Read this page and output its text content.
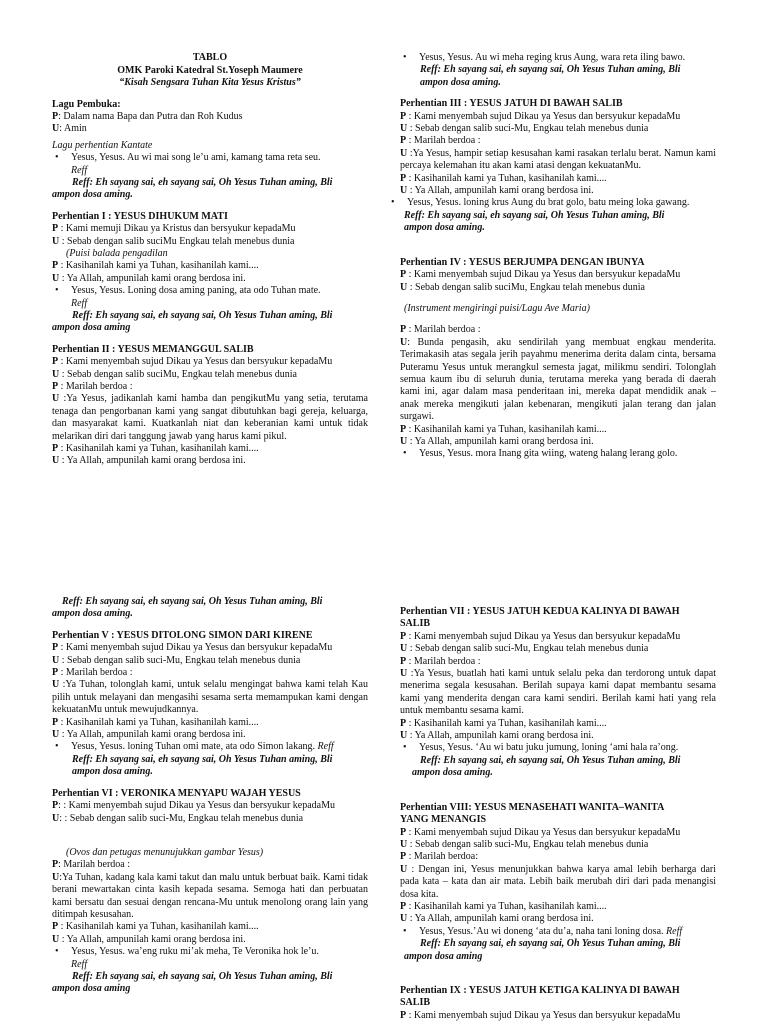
TABLO
OMK Paroki Katedral St.Yoseph Maumere
“Kisah Sengsara Tuhan Kita Yesus Kristus”
Lagu Pembuka:
P: Dalam nama Bapa dan Putra dan Roh Kudus
U: Amin
Lagu perhentian Kantate
• Yesus, Yesus. Au wi mai song le’u ami, kamang tama reta seu.
Reff
Reff: Eh sayang sai, eh sayang sai, Oh Yesus Tuhan aming, Bli
ampon dosa aming.
Perhentian I : YESUS DIHUKUM MATI
P : Kami memuji Dikau ya Kristus dan bersyukur kepadaMu
U : Sebab dengan salib suciMu Engkau telah menebus dunia
(Puisi balada pengadilan
P : Kasihanilah kami ya Tuhan, kasihanilah kami....
U : Ya Allah, ampunilah kami orang berdosa ini.
• Yesus, Yesus. Loning dosa aming paning, ata odo Tuhan mate.
Reff
Reff: Eh sayang sai, eh sayang sai, Oh Yesus Tuhan aming, Bli
ampon dosa aming
Perhentian II : YESUS MEMANGGUL SALIB
P : Kami menyembah sujud Dikau ya Yesus dan bersyukur kepadaMu
U : Sebab dengan salib suciMu, Engkau telah menebus dunia
P : Marilah berdoa :
U :Ya Yesus, jadikanlah kami hamba dan pengikutMu yang setia, terutama tenaga dan pengorbanan kami yang sangat dibutuhkan bagi gereja, keluarga, dan masyarakat kami. Kuatkanlah niat dan keberanian kami untuk tidak melarikan diri dari tanggung jawab yang harus kami pikul.
P : Kasihanilah kami ya Tuhan, kasihanilah kami....
U : Ya Allah, ampunilah kami orang berdosa ini.
• Yesus, Yesus. Au wi meha reging krus Aung, wara reta iling bawo.
Reff: Eh sayang sai, eh sayang sai, Oh Yesus Tuhan aming, Bli
ampon dosa aming.
Perhentian III : YESUS JATUH DI BAWAH SALIB
P : Kami menyembah sujud Dikau ya Yesus dan bersyukur kepadaMu
U : Sebab dengan salib suci-Mu, Engkau telah menebus dunia
P : Marilah berdoa :
U :Ya Yesus, hampir setiap kesusahan kami rasakan terlalu berat. Namun kami percaya kelemahan itu akan kami atasi dengan kekuatanMu.
P : Kasihanilah kami ya Tuhan, kasihanilah kami....
U : Ya Allah, ampunilah kami orang berdosa ini.
• Yesus, Yesus. loning krus Aung du brat golo, batu meing loka gawang.
Reff: Eh sayang sai, eh sayang sai, Oh Yesus Tuhan aming, Bli
ampon dosa aming.
Perhentian IV : YESUS BERJUMPA DENGAN IBUNYA
P : Kami menyembah sujud Dikau ya Yesus dan bersyukur kepadaMu
U : Sebab dengan salib suciMu, Engkau telah menebus dunia
(Instrument mengiringi puisi/Lagu Ave Maria)
P : Marilah berdoa :
U: Bunda pengasih, aku sendirilah yang membuat engkau menderita. Terimakasih atas segala jerih payahmu menerima derita dalam cinta, bersama Puteramu Yesus untuk merangkul semesta jagat, milikmu sendiri. Tolonglah semua kaum ibu di seluruh dunia, terutama mereka yang berada di daerah kami ini, agar dalam masa penderitaan ini, mereka dapat mendidik anak – anak mereka mengikuti jalan kebenaran, mengikuti jalan terang dan jalan surgawi.
P : Kasihanilah kami ya Tuhan, kasihanilah kami....
U : Ya Allah, ampunilah kami orang berdosa ini.
• Yesus, Yesus. mora Inang gita wiing, wateng halang lerang golo.
Reff: Eh sayang sai, eh sayang sai, Oh Yesus Tuhan aming, Bli
ampon dosa aming.
Perhentian V : YESUS DITOLONG SIMON DARI KIRENE
P : Kami menyembah sujud Dikau ya Yesus dan bersyukur kepadaMu
U : Sebab dengan salib suci-Mu, Engkau telah menebus dunia
P : Marilah berdoa :
U :Ya Tuhan, tolonglah kami, untuk selalu mengingat bahwa kami telah Kau pilih untuk melayani dan mengasihi sesama serta memampukan kami dengan kekuatanMu untuk mewujudkannya.
P : Kasihanilah kami ya Tuhan, kasihanilah kami....
U : Ya Allah, ampunilah kami orang berdosa ini.
• Yesus, Yesus. loning Tuhan omi mate, ata odo Simon lakang. Reff
Reff: Eh sayang sai, eh sayang sai, Oh Yesus Tuhan aming, Bli
ampon dosa aming.
Perhentian VI : VERONIKA MENYAPU WAJAH YESUS
P: : Kami menyembah sujud Dikau ya Yesus dan bersyukur kepadaMu
U: : Sebab dengan salib suci-Mu, Engkau telah menebus dunia
(Ovos dan petugas menunujukkan gambar Yesus)
P: Marilah berdoa :
U:Ya Tuhan, kadang kala kami takut dan malu untuk berbuat baik. Kami tidak berani mewartakan cinta kasih kepada sesama. Semoga hati dan perbuatan kami bersatu dan sesuai dengan rencana-Mu untuk menolong orang lain yang ditimpah kesusahan.
P : Kasihanilah kami ya Tuhan, kasihanilah kami....
U : Ya Allah, ampunilah kami orang berdosa ini.
• Yesus, Yesus. wa’eng ruku mi’ak meha, Te Veronika hok le’u.
Reff
Reff: Eh sayang sai, eh sayang sai, Oh Yesus Tuhan aming, Bli
ampon dosa aming
Perhentian VII : YESUS JATUH KEDUA KALINYA DI BAWAH
SALIB
P : Kami menyembah sujud Dikau ya Yesus dan bersyukur kepadaMu
U : Sebab dengan salib suci-Mu, Engkau telah menebus dunia
P : Marilah berdoa :
U :Ya Yesus, buatlah hati kami untuk selalu peka dan terdorong untuk dapat menerima segala kesusahan. Berilah supaya kami dapat membantu sesama kami yang menderita dengan cara kami sendiri. Berilah kami hati yang rela untuk membantu sesama kami.
P : Kasihanilah kami ya Tuhan, kasihanilah kami....
U : Ya Allah, ampunilah kami orang berdosa ini.
• Yesus, Yesus. ‘Au wi batu juku jumung, loning ‘ami hala ra’ong.
Reff: Eh sayang sai, eh sayang sai, Oh Yesus Tuhan aming, Bli
ampon dosa aming.
Perhentian VIII: YESUS MENASEHATI WANITA–WANITA
YANG MENANGIS
P : Kami menyembah sujud Dikau ya Yesus dan bersyukur kepadaMu
U : Sebab dengan salib suci-Mu, Engkau telah menebus dunia
P : Marilah berdoa:
U : Dengan ini, Yesus menunjukkan bahwa karya amal lebih berharga dari pada kata – kata dan air mata. Lebih baik merubah diri dari pada menangisi dosa kita.
P : Kasihanilah kami ya Tuhan, kasihanilah kami....
U : Ya Allah, ampunilah kami orang berdosa ini.
• Yesus, Yesus.’Au wi doneng ‘ata du’a, naha tani loning dosa. Reff
Reff: Eh sayang sai, eh sayang sai, Oh Yesus Tuhan aming, Bli
ampon dosa aming
Perhentian IX : YESUS JATUH KETIGA KALINYA DI BAWAH
SALIB
P : Kami menyembah sujud Dikau ya Yesus dan bersyukur kepadaMu
